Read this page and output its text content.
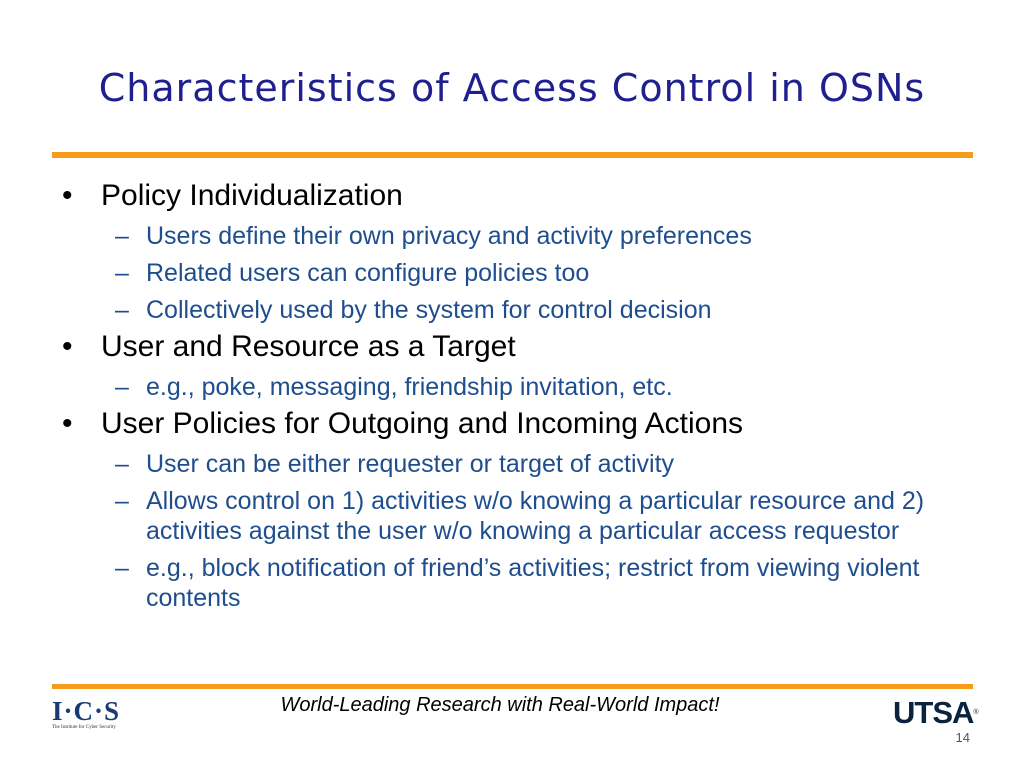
Characteristics of Access Control in OSNs
• Policy Individualization
– Users define their own privacy and activity preferences
– Related users can configure policies too
– Collectively used by the system for control decision
• User and Resource as a Target
– e.g., poke, messaging, friendship invitation, etc.
• User Policies for Outgoing and Incoming Actions
– User can be either requester or target of activity
– Allows control on 1) activities w/o knowing a particular resource and 2) activities against the user w/o knowing a particular access requestor
– e.g., block notification of friend’s activities; restrict from viewing violent contents
I·C·S
The Institute for Cyber Security
World-Leading Research with Real-World Impact!	UTSA®
14
